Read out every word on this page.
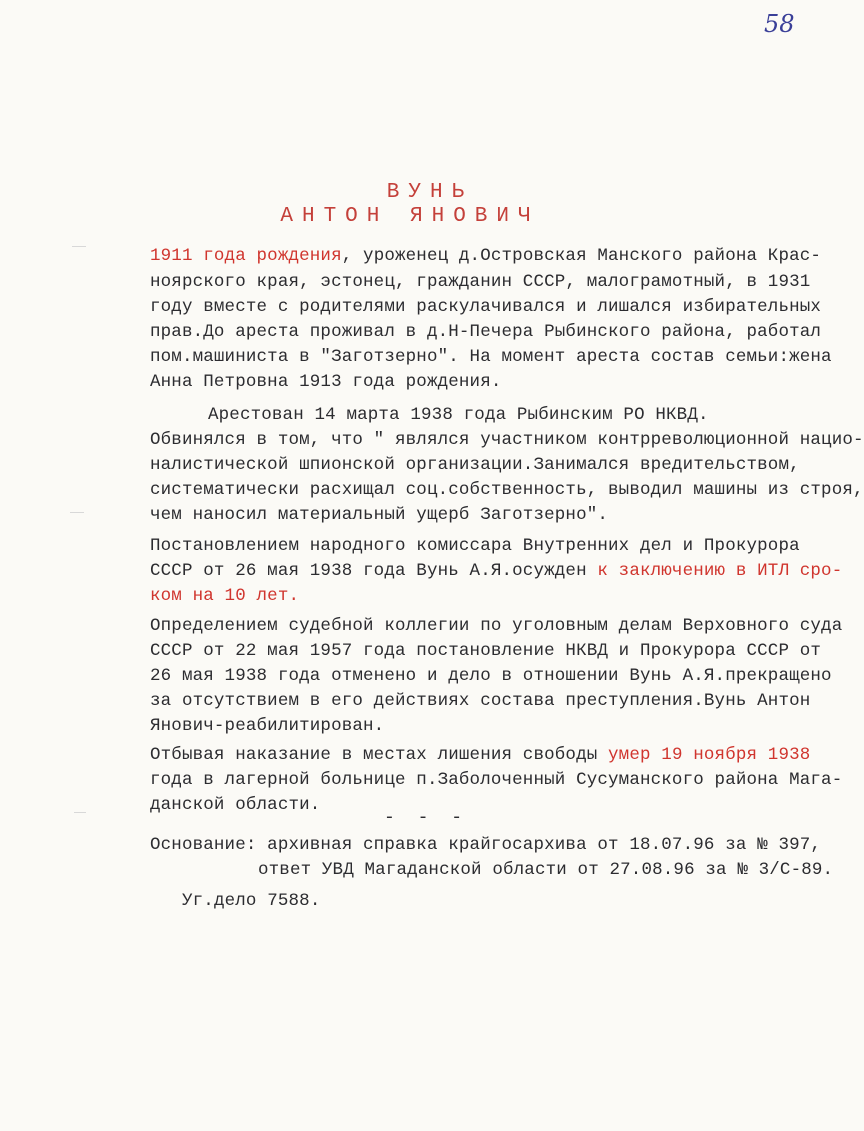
58
ВУНЬ
АНТОН ЯНОВИЧ

1911 года рождения, уроженец д.Островская Манского района Крас-

ноярского края, эстонец, гражданин СССР, малограмотный, в 1931

году вместе с родителями раскулачивался и лишался избирательных

прав.До ареста проживал в д.Н-Печера Рыбинского района, работал

пом.машиниста в "Заготзерно". На момент ареста состав семьи:жена

Анна Петровна 1913 года рождения.

Арестован 14 марта 1938 года Рыбинским РО НКВД.

Обвинялся в том, что " являлся участником контрреволюционной нацио-

налистической шпионской организации.Занимался вредительством,

систематически расхищал соц.собственность, выводил машины из строя,

чем наносил материальный ущерб Заготзерно".

Постановлением народного комиссара Внутренних дел и Прокурора

СССР от 26 мая 1938 года Вунь А.Я.осужден к заключению в ИТЛ сро-

ком на 10 лет.

Определением судебной коллегии по уголовным делам Верховного суда

СССР от 22 мая 1957 года постановление НКВД и Прокурора СССР от

26 мая 1938 года отменено и дело в отношении Вунь А.Я.прекращено

за отсутствием в его действиях состава преступления.Вунь Антон

Янович-реабилитирован.

Отбывая наказание в местах лишения свободы умер 19 ноября 1938

года в лагерной больнице п.Заболоченный Сусуманского района Мага-

данской области.

- - -

Основание: архивная справка крайгосархива от 18.07.96 за № 397,

ответ УВД Магаданской области от 27.08.96 за № 3/С-89.

Уг.дело 7588.
